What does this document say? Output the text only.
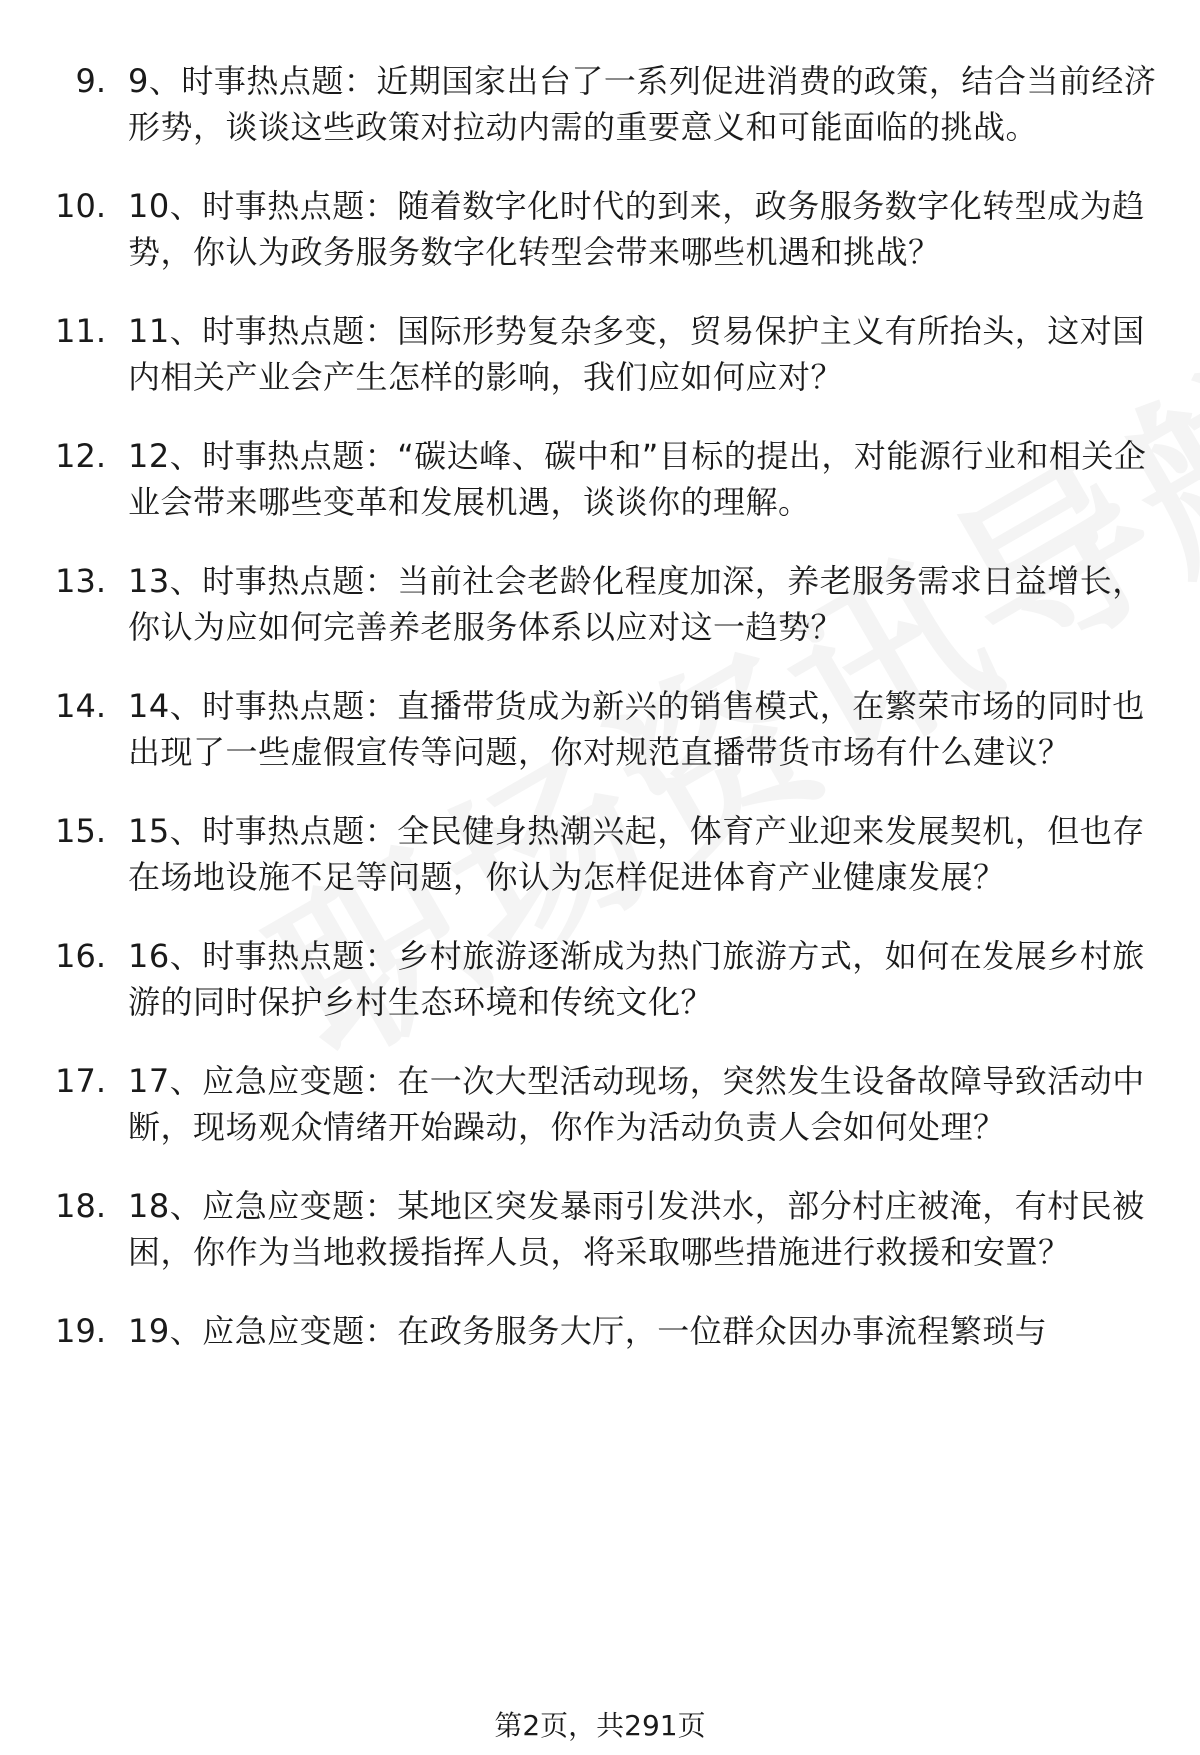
9. 9、时事热点题：近期国家出台了一系列促进消费的政策，结合当前经济形势，谈谈这些政策对拉动内需的重要意义和可能面临的挑战。
10. 10、时事热点题：随着数字化时代的到来，政务服务数字化转型成为趋势，你认为政务服务数字化转型会带来哪些机遇和挑战？
11. 11、时事热点题：国际形势复杂多变，贸易保护主义有所抬头，这对国内相关产业会产生怎样的影响，我们应如何应对？
12. 12、时事热点题：“碳达峰、碳中和”目标的提出，对能源行业和相关企业会带来哪些变革和发展机遇，谈谈你的理解。
13. 13、时事热点题：当前社会老龄化程度加深，养老服务需求日益增长，你认为应如何完善养老服务体系以应对这一趋势？
14. 14、时事热点题：直播带货成为新兴的销售模式，在繁荣市场的同时也出现了一些虚假宣传等问题，你对规范直播带货市场有什么建议？
15. 15、时事热点题：全民健身热潮兴起，体育产业迎来发展契机，但也存在场地设施不足等问题，你认为怎样促进体育产业健康发展？
16. 16、时事热点题：乡村旅游逐渐成为热门旅游方式，如何在发展乡村旅游的同时保护乡村生态环境和传统文化？
17. 17、应急应变题：在一次大型活动现场，突然发生设备故障导致活动中断，现场观众情绪开始躁动，你作为活动负责人会如何处理？
18. 18、应急应变题：某地区突发暴雨引发洪水，部分村庄被淹，有村民被困，你作为当地救援指挥人员，将采取哪些措施进行救援和安置？
19. 19、应急应变题：在政务服务大厅，一位群众因办事流程繁琐与
第2页，共291页
